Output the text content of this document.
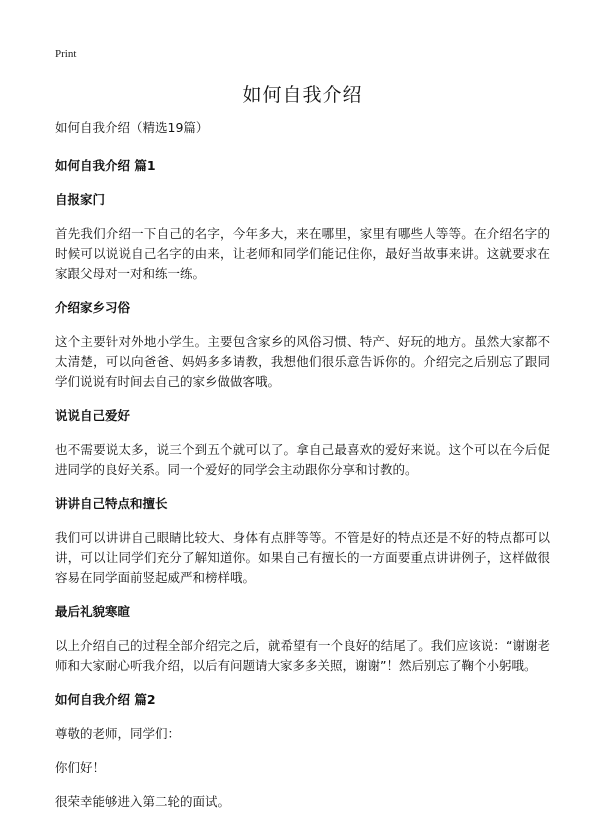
Print
如何自我介绍
如何自我介绍（精选19篇）
如何自我介绍 篇1
自报家门
首先我们介绍一下自己的名字，今年多大，来在哪里，家里有哪些人等等。在介绍名字的时候可以说说自己名字的由来，让老师和同学们能记住你，最好当故事来讲。这就要求在家跟父母对一对和练一练。
介绍家乡习俗
这个主要针对外地小学生。主要包含家乡的风俗习惯、特产、好玩的地方。虽然大家都不太清楚，可以向爸爸、妈妈多多请教，我想他们很乐意告诉你的。介绍完之后别忘了跟同学们说说有时间去自己的家乡做做客哦。
说说自己爱好
也不需要说太多，说三个到五个就可以了。拿自己最喜欢的爱好来说。这个可以在今后促进同学的良好关系。同一个爱好的同学会主动跟你分享和讨教的。
讲讲自己特点和擅长
我们可以讲讲自己眼睛比较大、身体有点胖等等。不管是好的特点还是不好的特点都可以讲，可以让同学们充分了解知道你。如果自己有擅长的一方面要重点讲讲例子，这样做很容易在同学面前竖起威严和榜样哦。
最后礼貌寒暄
以上介绍自己的过程全部介绍完之后，就希望有一个良好的结尾了。我们应该说：“谢谢老师和大家耐心听我介绍，以后有问题请大家多多关照，谢谢”！然后别忘了鞠个小躬哦。
如何自我介绍 篇2
尊敬的老师，同学们：
你们好！
很荣幸能够进入第二轮的面试。
